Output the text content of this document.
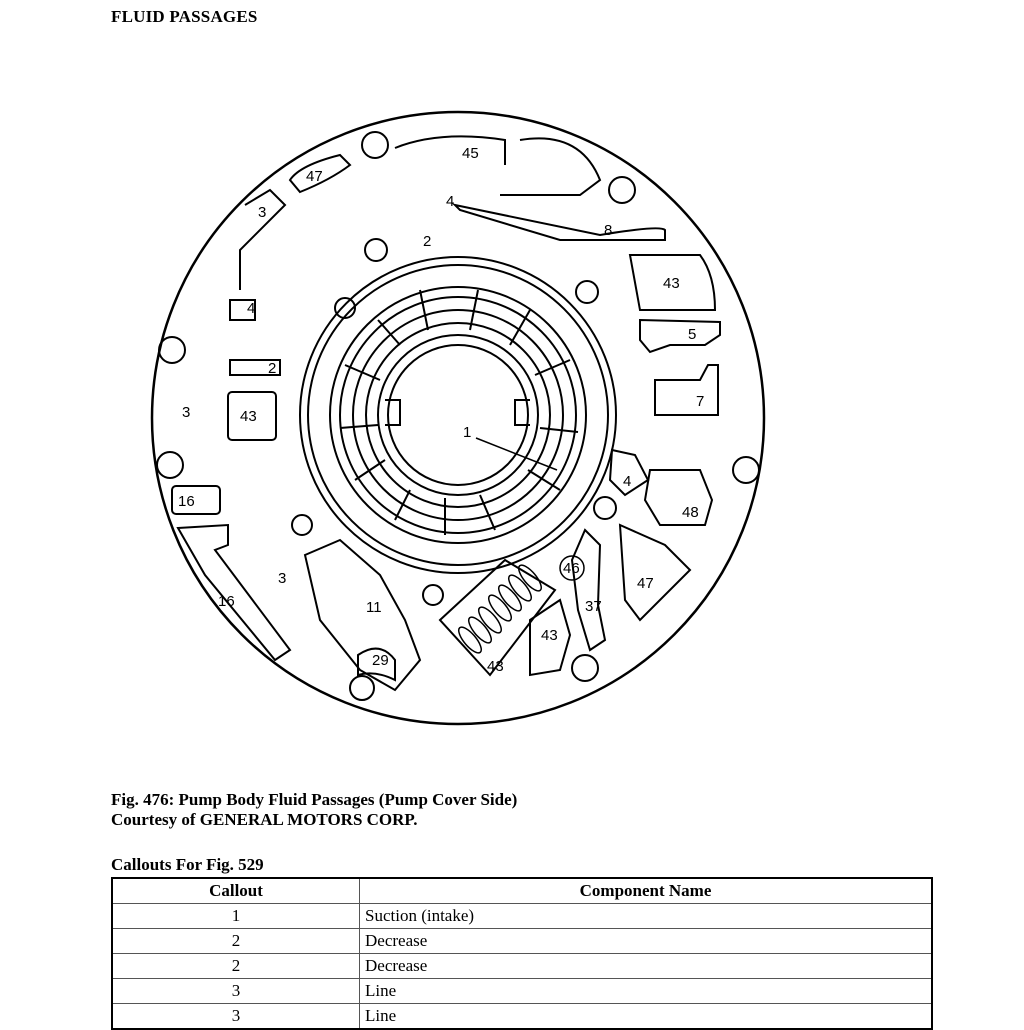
FLUID PASSAGES
45
47
3
4
8
2
43
4
5
2
7
3	43
1
16
4
48
3
46
47
16	11	37
43
29	43
Fig. 476: Pump Body Fluid Passages (Pump Cover Side)
Courtesy of GENERAL MOTORS CORP.
Callouts For Fig. 529
Callout	Component Name
1	Suction (intake)
2	Decrease
2	Decrease
3	Line
3	Line
